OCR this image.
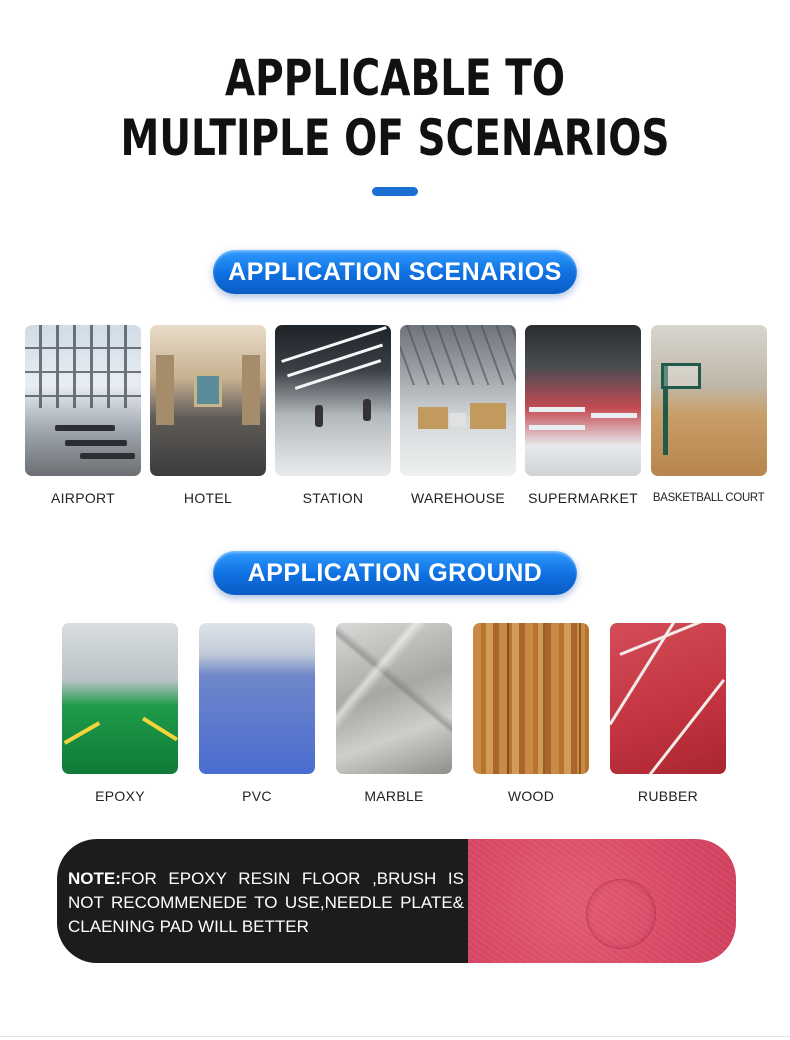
APPLICABLE TO
MULTIPLE OF SCENARIOS
APPLICATION SCENARIOS
AIRPORT	HOTEL	STATION	WAREHOUSE SUPERMARKET BASKETBALL COURT
APPLICATION GROUND
EPOXY	PVC	MARBLE	WOOD	RUBBER
NOTE:FOR EPOXY RESIN FLOOR ,BRUSH IS NOT RECOMMENEDE TO USE,NEEDLE PLATE& CLAENING PAD WILL BETTER
